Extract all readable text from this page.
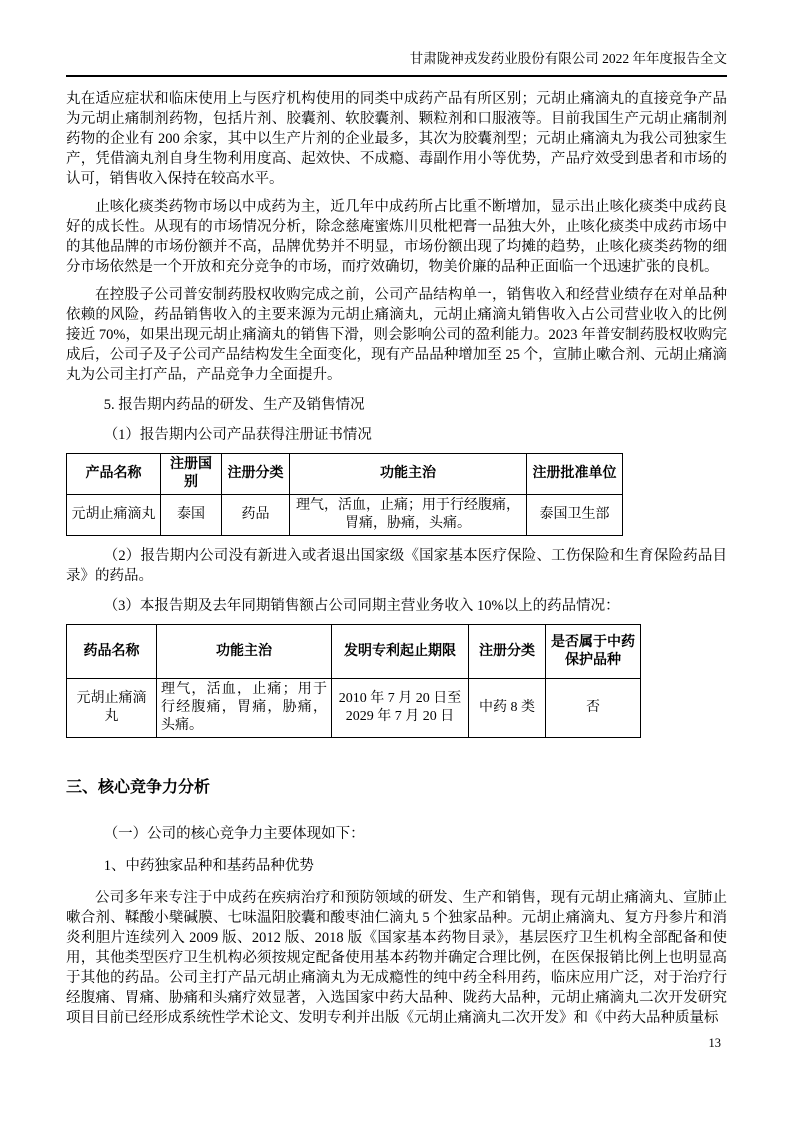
甘肃陇神戎发药业股份有限公司 2022 年年度报告全文

丸在适应症状和临床使用上与医疗机构使用的同类中成药产品有所区别；元胡止痛滴丸的直接竞争产品为元胡止痛制剂药物，包括片剂、胶囊剂、软胶囊剂、颗粒剂和口服液等。目前我国生产元胡止痛制剂药物的企业有 200 余家，其中以生产片剂的企业最多，其次为胶囊剂型；元胡止痛滴丸为我公司独家生产，凭借滴丸剂自身生物利用度高、起效快、不成瘾、毒副作用小等优势，产品疗效受到患者和市场的认可，销售收入保持在较高水平。

止咳化痰类药物市场以中成药为主，近几年中成药所占比重不断增加，显示出止咳化痰类中成药良好的成长性。从现有的市场情况分析，除念慈庵蜜炼川贝枇杷膏一品独大外，止咳化痰类中成药市场中的其他品牌的市场份额并不高，品牌优势并不明显，市场份额出现了均摊的趋势，止咳化痰类药物的细分市场依然是一个开放和充分竞争的市场，而疗效确切，物美价廉的品种正面临一个迅速扩张的良机。

在控股子公司普安制药股权收购完成之前，公司产品结构单一，销售收入和经营业绩存在对单品种依赖的风险，药品销售收入的主要来源为元胡止痛滴丸，元胡止痛滴丸销售收入占公司营业收入的比例接近 70%，如果出现元胡止痛滴丸的销售下滑，则会影响公司的盈利能力。2023 年普安制药股权收购完成后，公司子及子公司产品结构发生全面变化，现有产品品种增加至 25 个，宣肺止嗽合剂、元胡止痛滴丸为公司主打产品，产品竞争力全面提升。

5. 报告期内药品的研发、生产及销售情况

（1）报告期内公司产品获得注册证书情况

产品名称	注册国别	注册分类	功能主治	注册批准单位
元胡止痛滴丸	泰国	药品	理气，活血，止痛；用于行经腹痛，胃痛，胁痛，头痛。	泰国卫生部

（2）报告期内公司没有新进入或者退出国家级《国家基本医疗保险、工伤保险和生育保险药品目录》的药品。

（3）本报告期及去年同期销售额占公司同期主营业务收入 10%以上的药品情况：

药品名称	功能主治	发明专利起止期限	注册分类	是否属于中药保护品种
元胡止痛滴丸	理气，活血，止痛；用于行经腹痛，胃痛，胁痛，头痛。	2010 年 7 月 20 日至 2029 年 7 月 20 日	中药 8 类	否
三、核心竞争力分析

（一）公司的核心竞争力主要体现如下：

1、中药独家品种和基药品种优势

公司多年来专注于中成药在疾病治疗和预防领域的研发、生产和销售，现有元胡止痛滴丸、宣肺止嗽合剂、鞣酸小檗碱膜、七味温阳胶囊和酸枣油仁滴丸 5 个独家品种。元胡止痛滴丸、复方丹参片和消炎利胆片连续列入 2009 版、2012 版、2018 版《国家基本药物目录》，基层医疗卫生机构全部配备和使用，其他类型医疗卫生机构必须按规定配备使用基本药物并确定合理比例，在医保报销比例上也明显高于其他的药品。公司主打产品元胡止痛滴丸为无成瘾性的纯中药全科用药，临床应用广泛，对于治疗行经腹痛、胃痛、胁痛和头痛疗效显著，入选国家中药大品种、陇药大品种，元胡止痛滴丸二次开发研究项目目前已经形成系统性学术论文、发明专利并出版《元胡止痛滴丸二次开发》和《中药大品种质量标

13
